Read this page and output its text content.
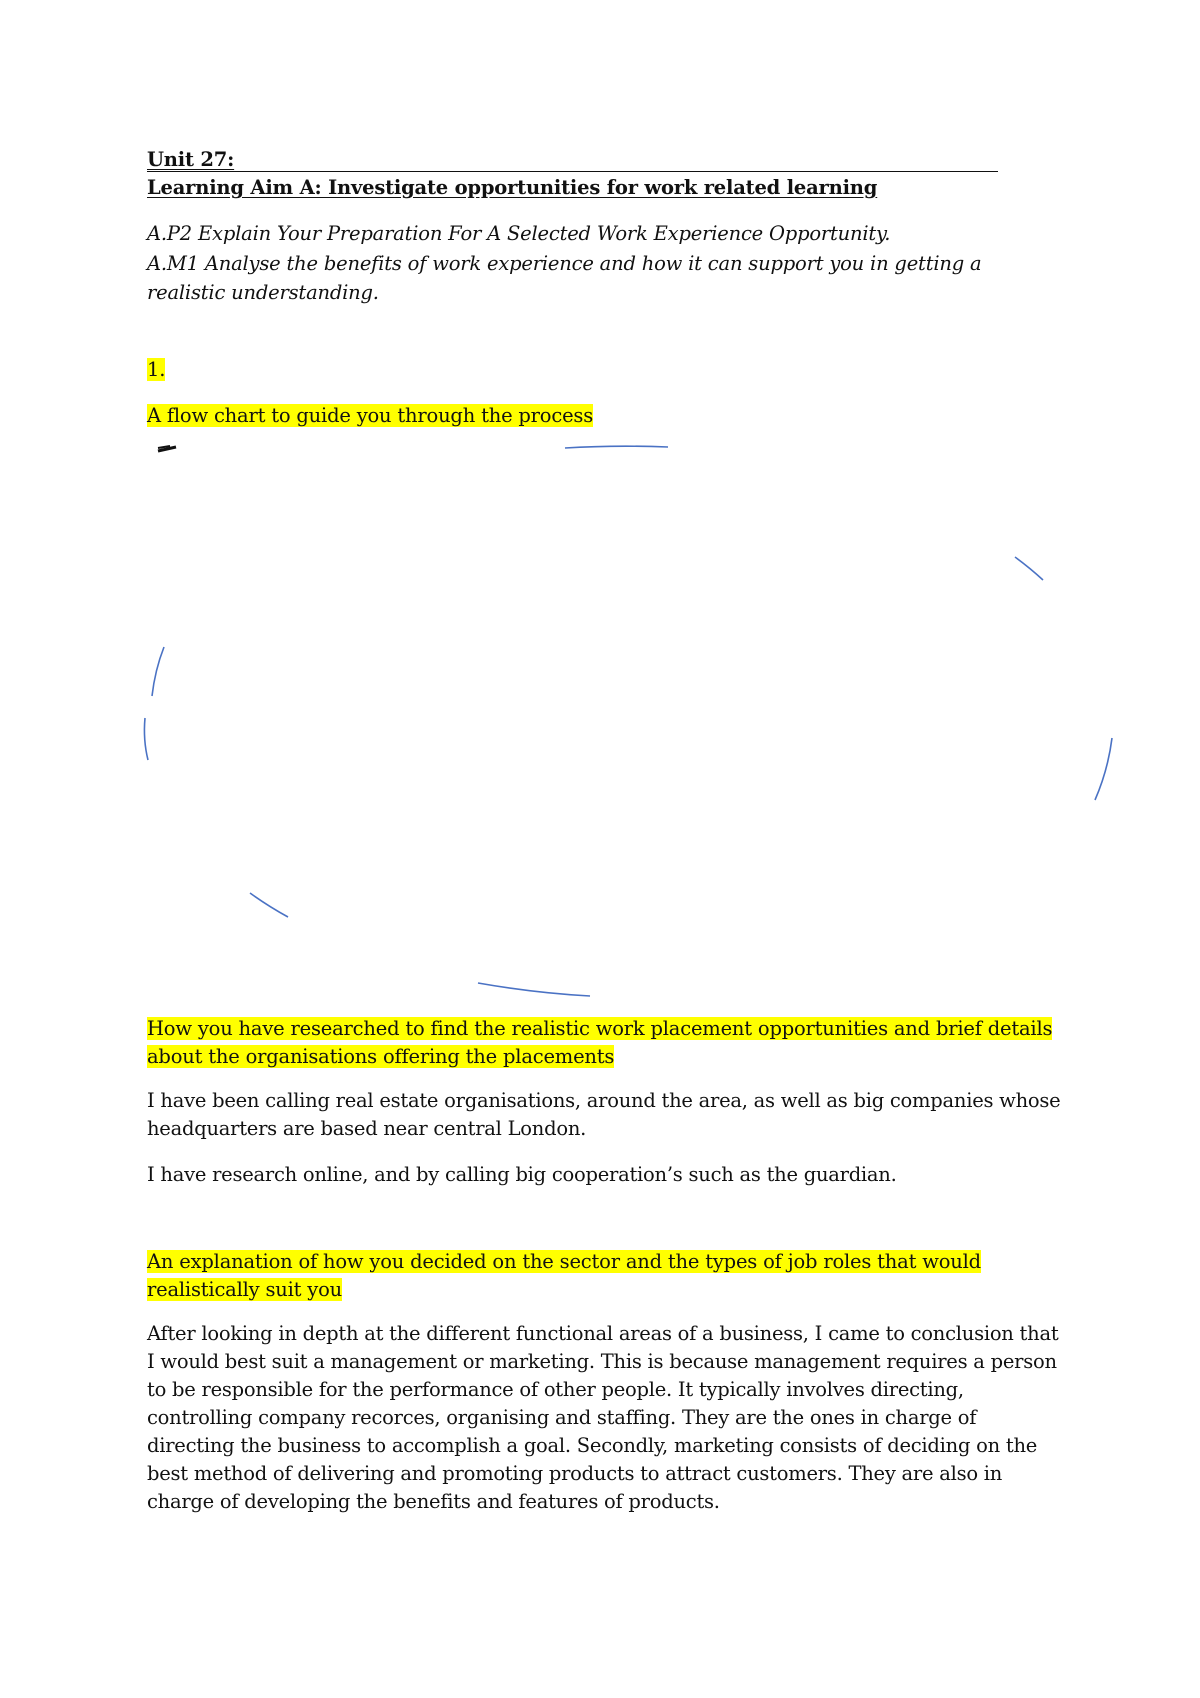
Unit 27:
Learning Aim A: Investigate opportunities for work related learning
A.P2 Explain Your Preparation For A Selected Work Experience Opportunity.
A.M1 Analyse the benefits of work experience and how it can support you in getting a
realistic understanding.
1.
A flow chart to guide you through the process
How you have researched to find the realistic work placement opportunities and brief details
about the organisations offering the placements

I have been calling real estate organisations, around the area, as well as big companies whose

headquarters are based near central London.

I have research online, and by calling big cooperation’s such as the guardian.

An explanation of how you decided on the sector and the types of job roles that would
realistically suit you

After looking in depth at the different functional areas of a business, I came to conclusion that

I would best suit a management or marketing. This is because management requires a person

to be responsible for the performance of other people. It typically involves directing,

controlling company recorces, organising and staffing. They are the ones in charge of

directing the business to accomplish a goal. Secondly, marketing consists of deciding on the

best method of delivering and promoting products to attract customers. They are also in

charge of developing the benefits and features of products.
